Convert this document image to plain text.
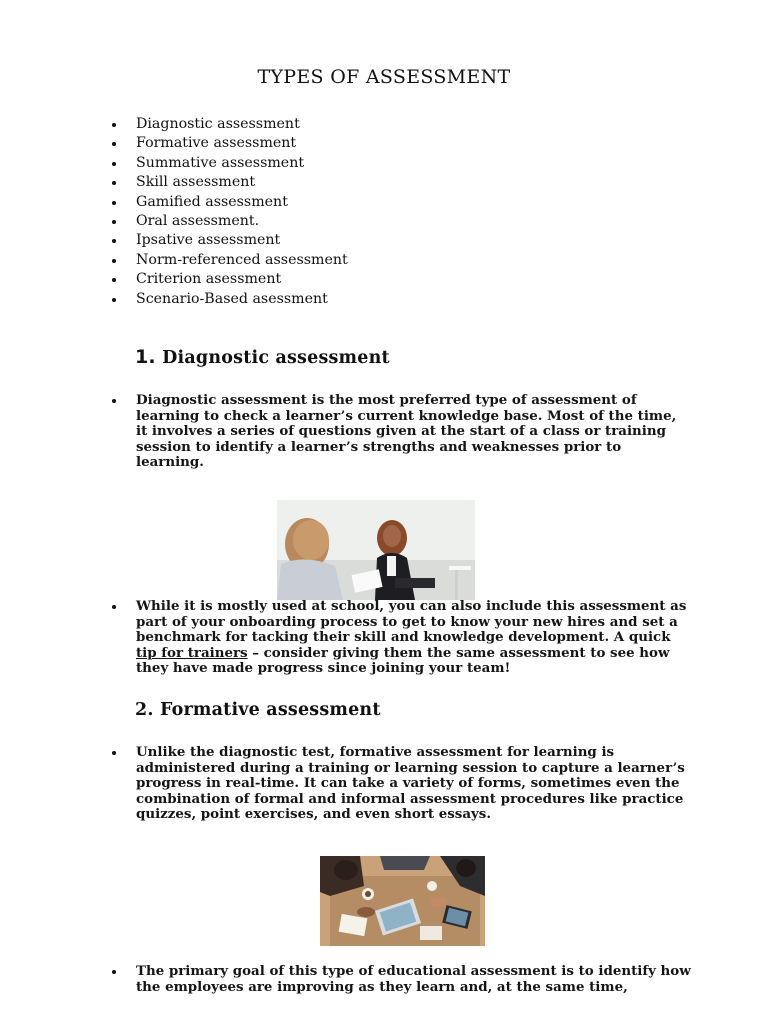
TYPES OF ASSESSMENT
Diagnostic assessment
Formative assessment
Summative assessment
Skill assessment
Gamified assessment
Oral assessment.
Ipsative assessment
Norm-referenced assessment
Criterion asessment
Scenario-Based asessment
1. Diagnostic assessment

Diagnostic assessment is the most preferred type of assessment of learning to check a learner’s current knowledge base. Most of the time, it involves a series of questions given at the start of a class or training session to identify a learner’s strengths and weaknesses prior to learning.

While it is mostly used at school, you can also include this assessment as part of your onboarding process to get to know your new hires and set a benchmark for tacking their skill and knowledge development. A quick tip for trainers – consider giving them the same assessment to see how they have made progress since joining your team!

2. Formative assessment

Unlike the diagnostic test, formative assessment for learning is administered during a training or learning session to capture a learner’s progress in real-time. It can take a variety of forms, sometimes even the combination of formal and informal assessment procedures like practice quizzes, point exercises, and even short essays.

The primary goal of this type of educational assessment is to identify how the employees are improving as they learn and, at the same time,
